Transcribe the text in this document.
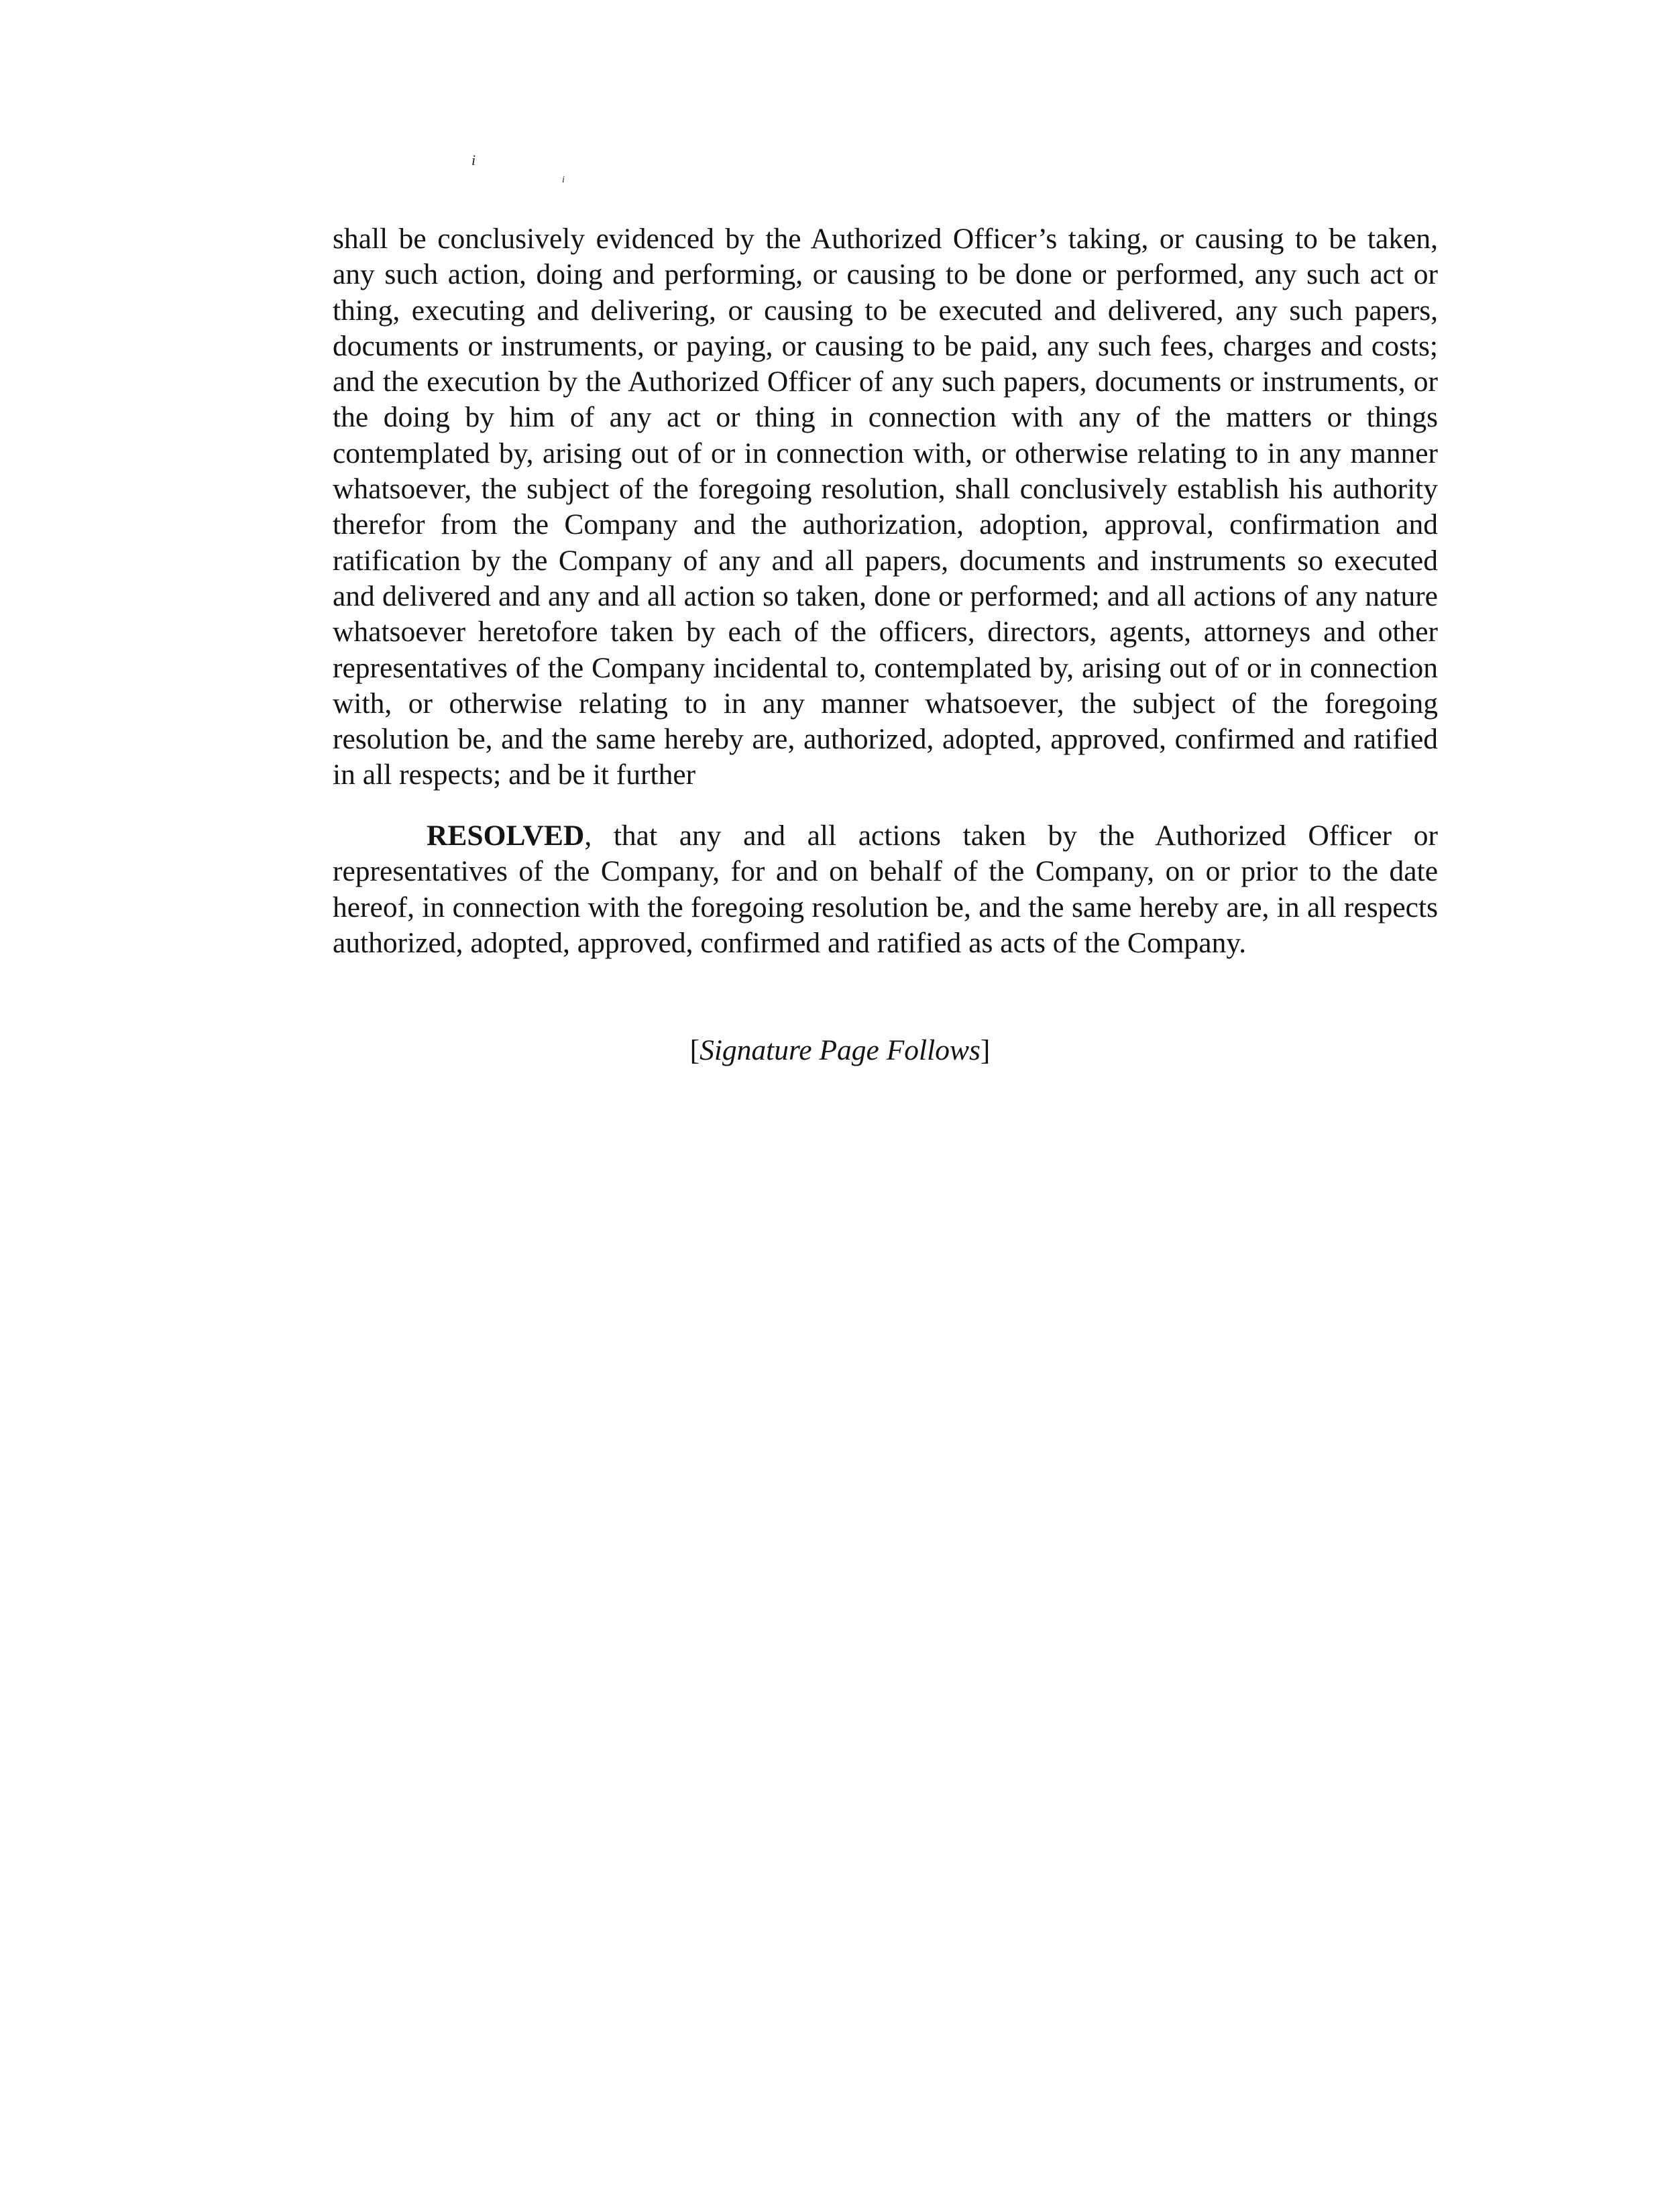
i
i

shall be conclusively evidenced by the Authorized Officer’s taking, or causing to be taken, any such action, doing and performing, or causing to be done or performed, any such act or thing, executing and delivering, or causing to be executed and delivered, any such papers, documents or instruments, or paying, or causing to be paid, any such fees, charges and costs; and the execution by the Authorized Officer of any such papers, documents or instruments, or the doing by him of any act or thing in connection with any of the matters or things contemplated by, arising out of or in connection with, or otherwise relating to in any manner whatsoever, the subject of the foregoing resolution, shall conclusively establish his authority therefor from the Company and the authorization, adoption, approval, confirmation and ratification by the Company of any and all papers, documents and instruments so executed and delivered and any and all action so taken, done or performed; and all actions of any nature whatsoever heretofore taken by each of the officers, directors, agents, attorneys and other representatives of the Company incidental to, contemplated by, arising out of or in connection with, or otherwise relating to in any manner whatsoever, the subject of the foregoing resolution be, and the same hereby are, authorized, adopted, approved, confirmed and ratified in all respects; and be it further

RESOLVED, that any and all actions taken by the Authorized Officer or representatives of the Company, for and on behalf of the Company, on or prior to the date hereof, in connection with the foregoing resolution be, and the same hereby are, in all respects authorized, adopted, approved, confirmed and ratified as acts of the Company.

[Signature Page Follows]
